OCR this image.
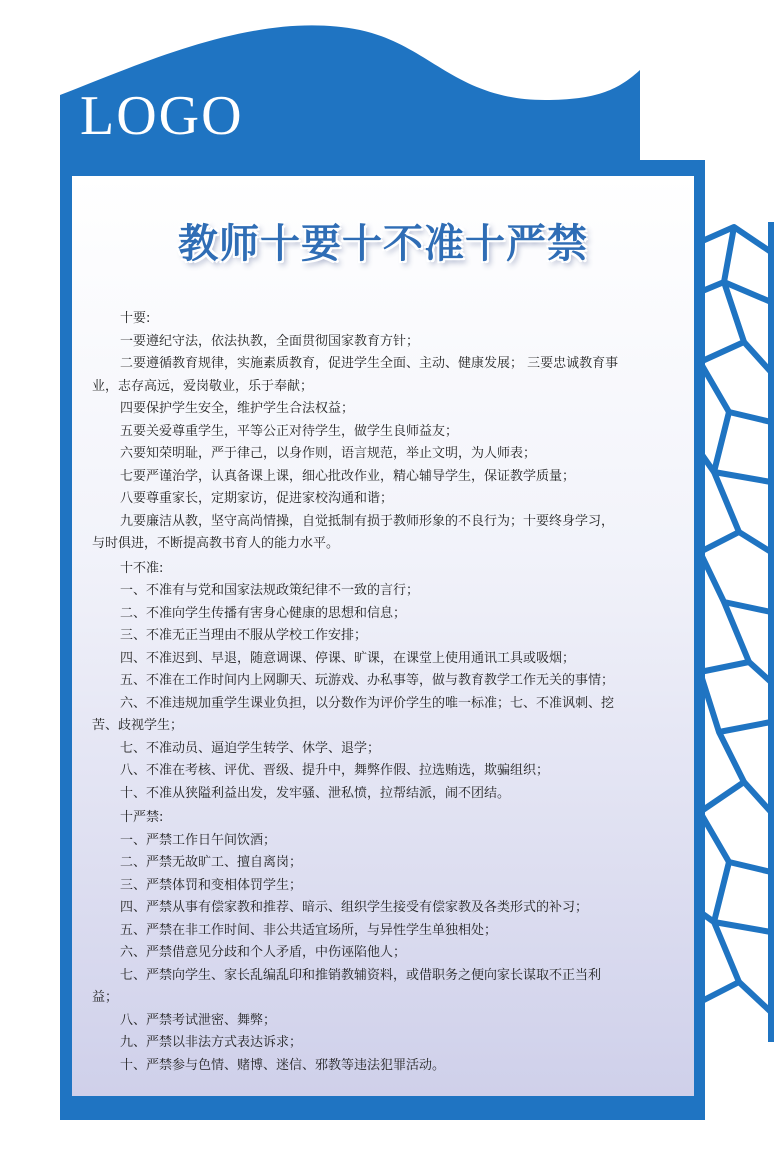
LOGO
教师十要十不准十严禁
十要:
一要遵纪守法，依法执教，全面贯彻国家教育方针；
二要遵循教育规律，实施素质教育，促进学生全面、主动、健康发展； 三要忠诚教育事
业，志存高远，爱岗敬业，乐于奉献；
四要保护学生安全，维护学生合法权益；
五要关爱尊重学生，平等公正对待学生，做学生良师益友；
六要知荣明耻，严于律己，以身作则，语言规范，举止文明，为人师表；
七要严谨治学，认真备课上课，细心批改作业，精心辅导学生，保证教学质量；
八要尊重家长，定期家访，促进家校沟通和谐；
九要廉洁从教，坚守高尚情操，自觉抵制有损于教师形象的不良行为；十要终身学习，
与时俱进，不断提高教书育人的能力水平。
十不准:
一、不准有与党和国家法规政策纪律不一致的言行；
二、不准向学生传播有害身心健康的思想和信息；
三、不准无正当理由不服从学校工作安排；
四、不准迟到、早退，随意调课、停课、旷课，在课堂上使用通讯工具或吸烟；
五、不准在工作时间内上网聊天、玩游戏、办私事等，做与教育教学工作无关的事情；
六、不准违规加重学生课业负担，以分数作为评价学生的唯一标准；七、不准讽刺、挖
苦、歧视学生；
七、不准动员、逼迫学生转学、休学、退学；
八、不准在考核、评优、晋级、提升中，舞弊作假、拉选贿选，欺骗组织；
十、不准从狭隘利益出发，发牢骚、泄私愤，拉帮结派，闹不团结。
十严禁:
一、严禁工作日午间饮酒；
二、严禁无故旷工、擅自离岗；
三、严禁体罚和变相体罚学生；
四、严禁从事有偿家教和推荐、暗示、组织学生接受有偿家教及各类形式的补习；
五、严禁在非工作时间、非公共适宜场所，与异性学生单独相处；
六、严禁借意见分歧和个人矛盾，中伤诬陷他人；
七、严禁向学生、家长乱编乱印和推销教辅资料，或借职务之便向家长谋取不正当利
益；
八、严禁考试泄密、舞弊；
九、严禁以非法方式表达诉求；
十、严禁参与色情、赌博、迷信、邪教等违法犯罪活动。
